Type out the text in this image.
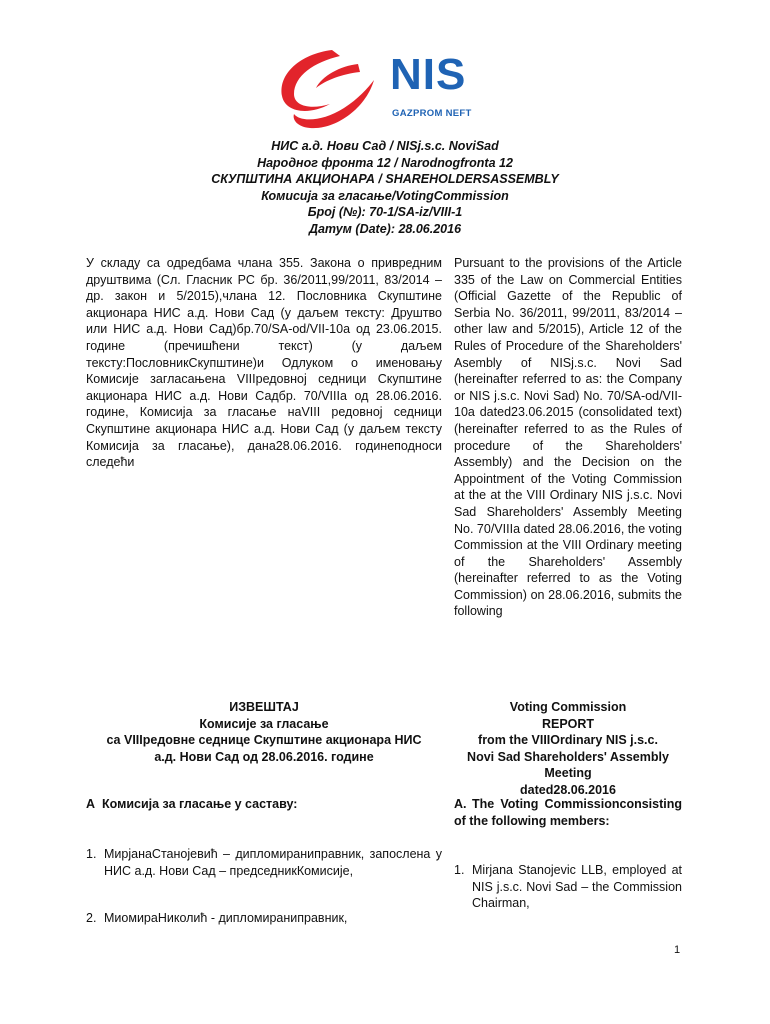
NIS
GAZPROM NEFT
НИС а.д. Нови Сад / NISj.s.c. NoviSad
Народног фронта 12 / Narodnogfronta 12
СКУПШТИНА АКЦИОНАРА / SHAREHOLDERSASSEMBLY
Комисија за гласање/VotingCommission
Број (№): 70-1/SA-iz/VIII-1
Датум (Date): 28.06.2016
У складу са одредбама члана 355. Закона о привредним друштвима (Сл. Гласник РС бр. 36/2011,99/2011, 83/2014 – др. закон и 5/2015),члана 12. Пословника Скупштине акционара НИС а.д. Нови Сад (у даљем тексту: Друштво или НИС а.д. Нови Сад)бр.70/SA-od/VII-10а од 23.06.2015. године (пречишћени текст) (у даљем тексту:ПословникСкупштине)и Одлуком о именовању Комисије загласањена VIIIредовној седници Скупштине акционара НИС а.д. Нови Садбр. 70/VIIIа од 28.06.2016. године, Комисија за гласање наVIII редовној седници Скупштине акционара НИС а.д. Нови Сад (у даљем тексту Комисија за гласање), дана28.06.2016. годинеподноси следећи
Pursuant to the provisions of the Article 335 of the Law on Commercial Entities (Official Gazette of the Republic of Serbia No. 36/2011, 99/2011, 83/2014 – other law and 5/2015), Article 12 of the Rules of Procedure of the Shareholders' Asembly of NISj.s.c. Novi Sad (hereinafter referred to as: the Company or NIS j.s.c. Novi Sad) No. 70/SA-od/VII-10a dated23.06.2015 (consolidated text)(hereinafter referred to as the Rules of procedure of the Shareholders' Assembly) and the Decision on the Appointment of the Voting Commission at the at the VIII Ordinary NIS j.s.c. Novi Sad Shareholders' Assembly Meeting No. 70/VIIIa dated 28.06.2016, the voting Commission at the VIII Ordinary meeting of the Shareholders' Assembly (hereinafter referred to as the Voting Commission) on 28.06.2016, submits the following
ИЗВЕШТАЈ
Комисије за гласање
са VIIIредовне седнице Скупштине акционара НИС
а.д. Нови Сад од 28.06.2016. године
Voting Commission
REPORT
from the VIIIOrdinary NIS j.s.c.
Novi Sad Shareholders' Assembly
Meeting
dated28.06.2016
А Комисија за гласање у саставу:	A. The Voting Commissionconsisting of the following members:
1. МирјанаСтанојевић – дипломираниправник, запослена у НИС а.д. Нови Сад – председникКомисије,
2. МиомираНиколић - дипломираниправник,
1. Mirjana Stanojevic LLB, employed at NIS j.s.c. Novi Sad – the Commission Chairman,
1
